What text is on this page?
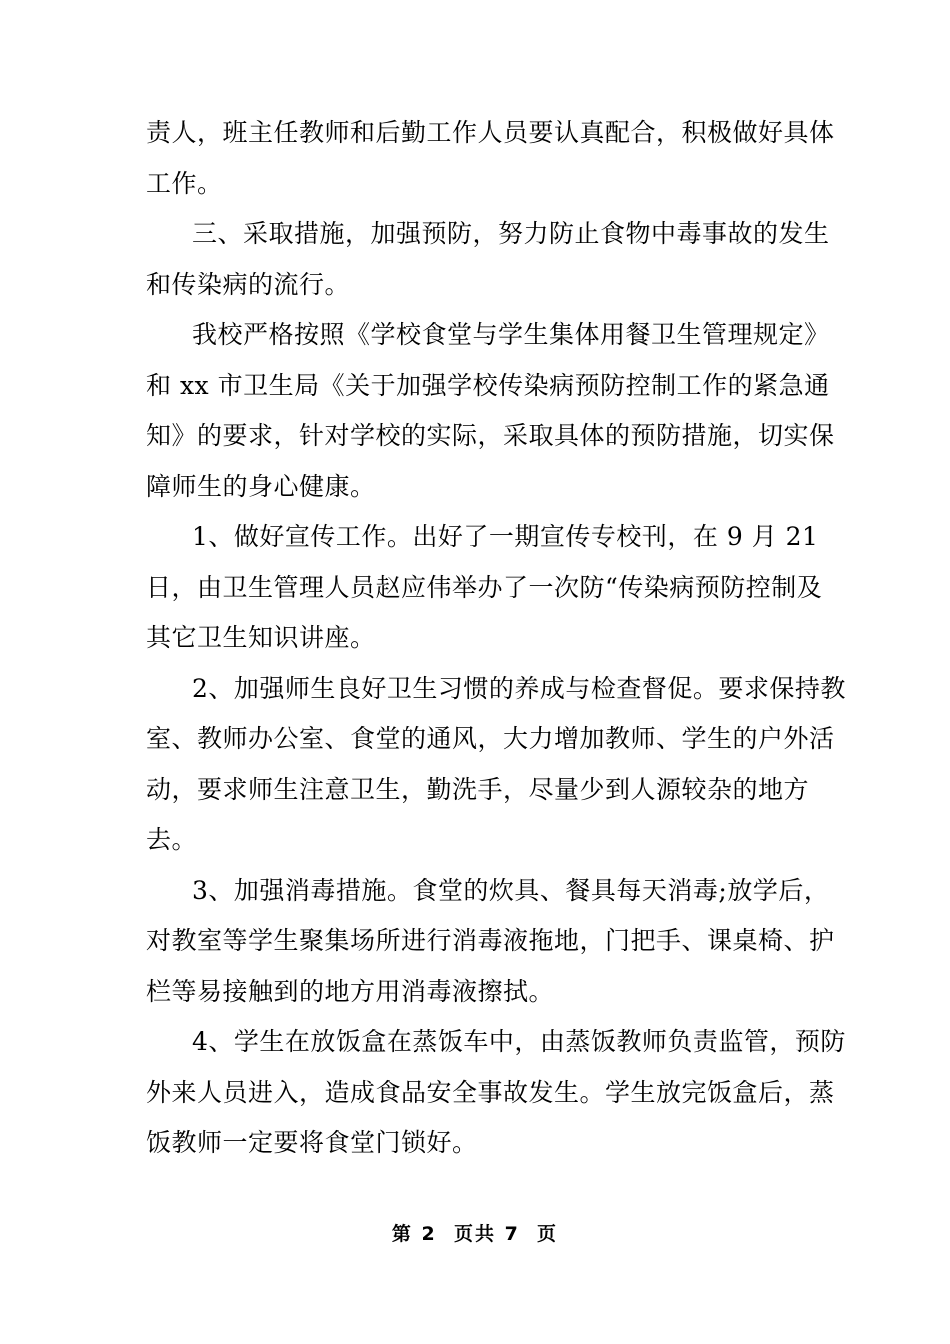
责人，班主任教师和后勤工作人员要认真配合，积极做好具体
工作。
三、采取措施，加强预防，努力防止食物中毒事故的发生
和传染病的流行。
我校严格按照《学校食堂与学生集体用餐卫生管理规定》
和 xx 市卫生局《关于加强学校传染病预防控制工作的紧急通
知》的要求，针对学校的实际，采取具体的预防措施，切实保
障师生的身心健康。
1、做好宣传工作。出好了一期宣传专校刊，在 9 月 21
日，由卫生管理人员赵应伟举办了一次防“传染病预防控制及
其它卫生知识讲座。
2、加强师生良好卫生习惯的养成与检查督促。要求保持教
室、教师办公室、食堂的通风，大力增加教师、学生的户外活
动，要求师生注意卫生，勤洗手，尽量少到人源较杂的地方
去。
3、加强消毒措施。食堂的炊具、餐具每天消毒;放学后，
对教室等学生聚集场所进行消毒液拖地，门把手、课桌椅、护
栏等易接触到的地方用消毒液擦拭。
4、学生在放饭盒在蒸饭车中，由蒸饭教师负责监管，预防
外来人员进入，造成食品安全事故发生。学生放完饭盒后，蒸
饭教师一定要将食堂门锁好。
第 2  页共 7  页
